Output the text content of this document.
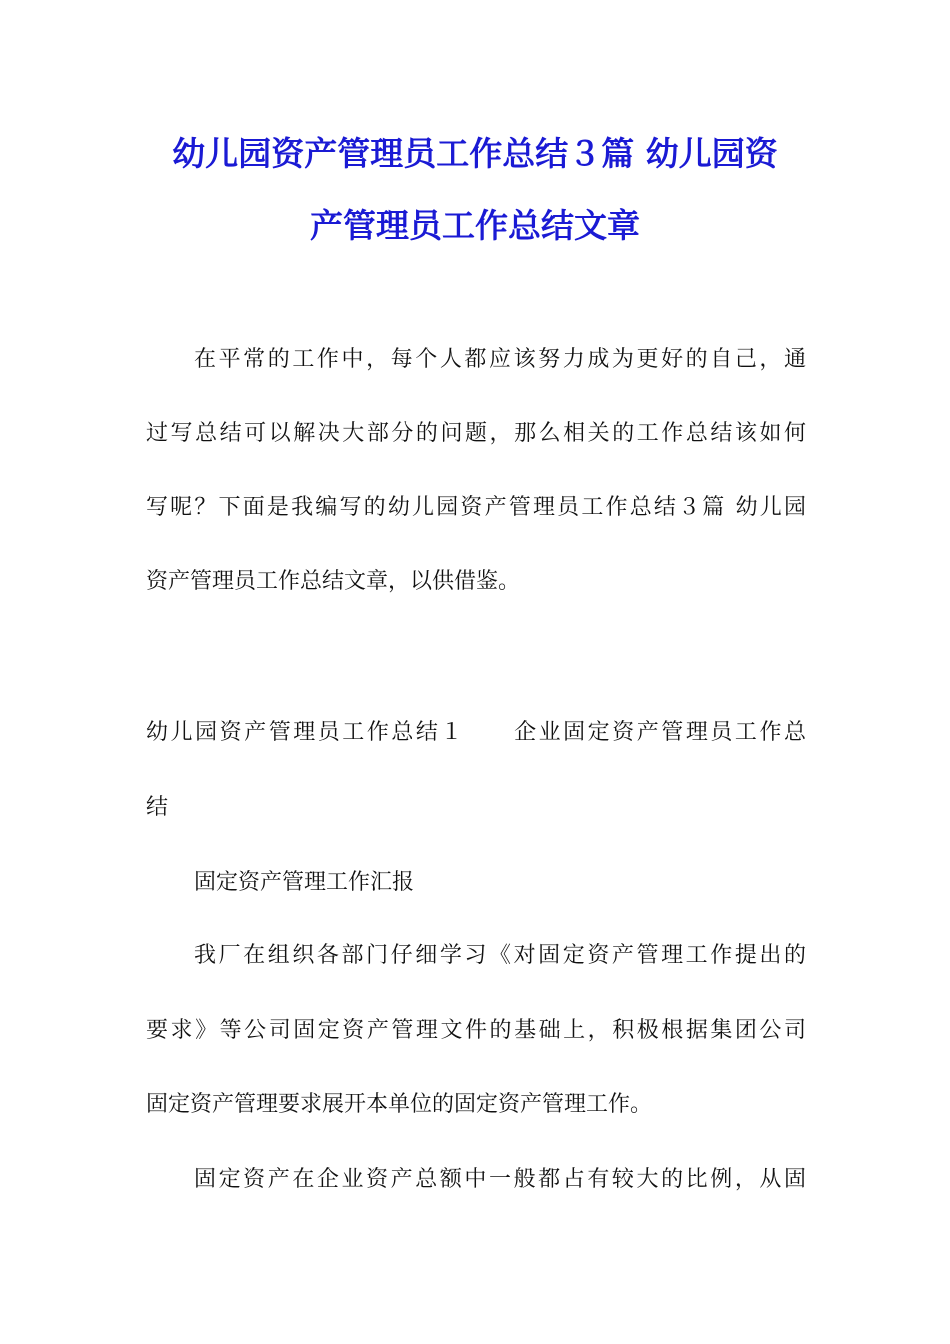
幼儿园资产管理员工作总结３篇 幼儿园资
产管理员工作总结文章
在平常的工作中，每个人都应该努力成为更好的自己，通
过写总结可以解决大部分的问题，那么相关的工作总结该如何
写呢？下面是我编写的幼儿园资产管理员工作总结３篇 幼儿园
资产管理员工作总结文章，以供借鉴。
幼儿园资产管理员工作总结１　　企业固定资产管理员工作总
结
固定资产管理工作汇报
我厂在组织各部门仔细学习《对固定资产管理工作提出的
要求》等公司固定资产管理文件的基础上，积极根据集团公司
固定资产管理要求展开本单位的固定资产管理工作。
固定资产在企业资产总额中一般都占有较大的比例，从固
